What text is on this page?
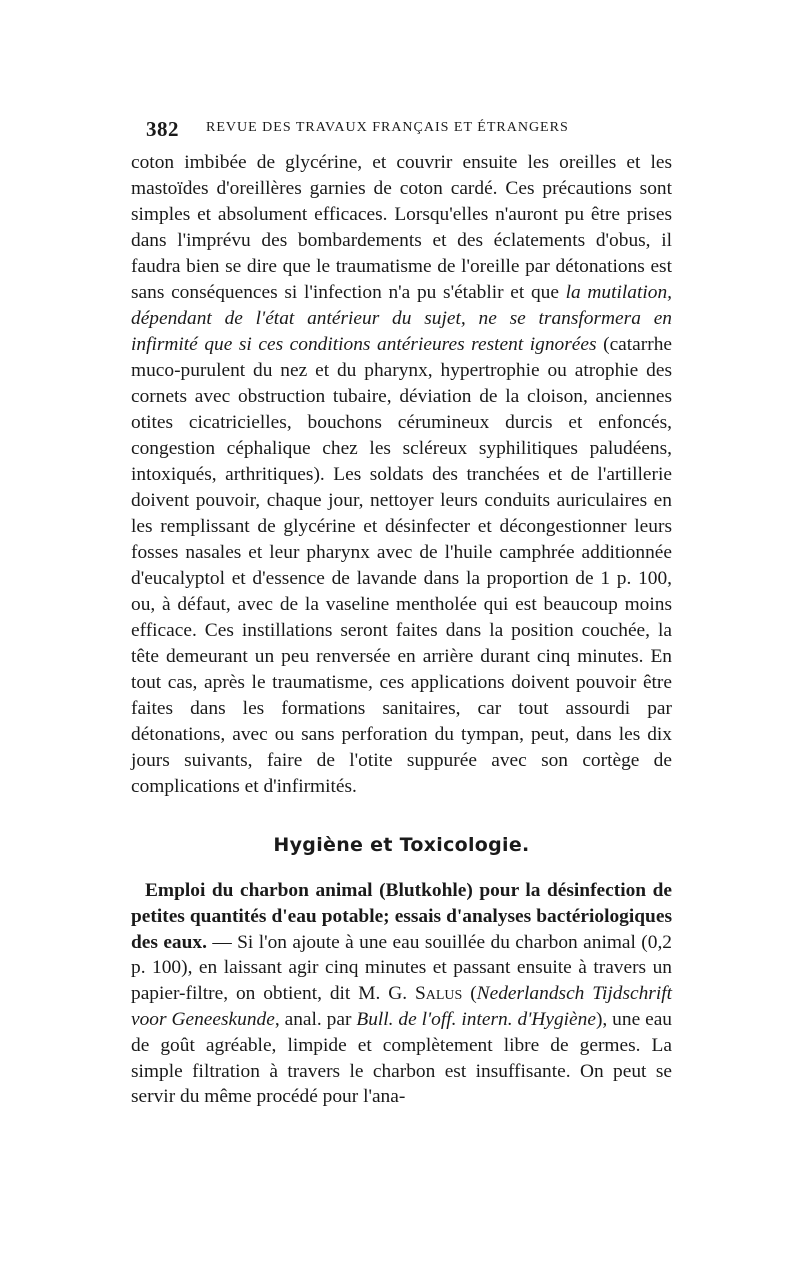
382 REVUE DES TRAVAUX FRANÇAIS ET ÉTRANGERS

coton imbibée de glycérine, et couvrir ensuite les oreilles et les mastoïdes d'oreillères garnies de coton cardé. Ces précautions sont simples et absolument efficaces. Lorsqu'elles n'auront pu être prises dans l'imprévu des bombardements et des éclatements d'obus, il faudra bien se dire que le traumatisme de l'oreille par détonations est sans conséquences si l'infection n'a pu s'établir et que la mutilation, dépendant de l'état antérieur du sujet, ne se transformera en infirmité que si ces conditions antérieures restent ignorées (catarrhe muco-purulent du nez et du pharynx, hypertrophie ou atrophie des cornets avec obstruction tubaire, déviation de la cloison, anciennes otites cicatricielles, bouchons cérumineux durcis et enfoncés, congestion céphalique chez les scléreux syphilitiques paludéens, intoxiqués, arthritiques). Les soldats des tranchées et de l'artillerie doivent pouvoir, chaque jour, nettoyer leurs conduits auriculaires en les remplissant de glycérine et désinfecter et décongestionner leurs fosses nasales et leur pharynx avec de l'huile camphrée additionnée d'eucalyptol et d'essence de lavande dans la proportion de 1 p. 100, ou, à défaut, avec de la vaseline mentholée qui est beaucoup moins efficace. Ces instillations seront faites dans la position couchée, la tête demeurant un peu renversée en arrière durant cinq minutes. En tout cas, après le traumatisme, ces applications doivent pouvoir être faites dans les formations sanitaires, car tout assourdi par détonations, avec ou sans perforation du tympan, peut, dans les dix jours suivants, faire de l'otite suppurée avec son cortège de complications et d'infirmités.

Hygiène et Toxicologie.

Emploi du charbon animal (Blutkohle) pour la désinfection de petites quantités d'eau potable; essais d'analyses bactériologiques des eaux. — Si l'on ajoute à une eau souillée du charbon animal (0,2 p. 100), en laissant agir cinq minutes et passant ensuite à travers un papier-filtre, on obtient, dit M. G. Salus (Nederlandsch Tijdschrift voor Geneeskunde, anal. par Bull. de l'off. intern. d'Hygiène), une eau de goût agréable, limpide et complètement libre de germes. La simple filtration à travers le charbon est insuffisante. On peut se servir du même procédé pour l'ana-
